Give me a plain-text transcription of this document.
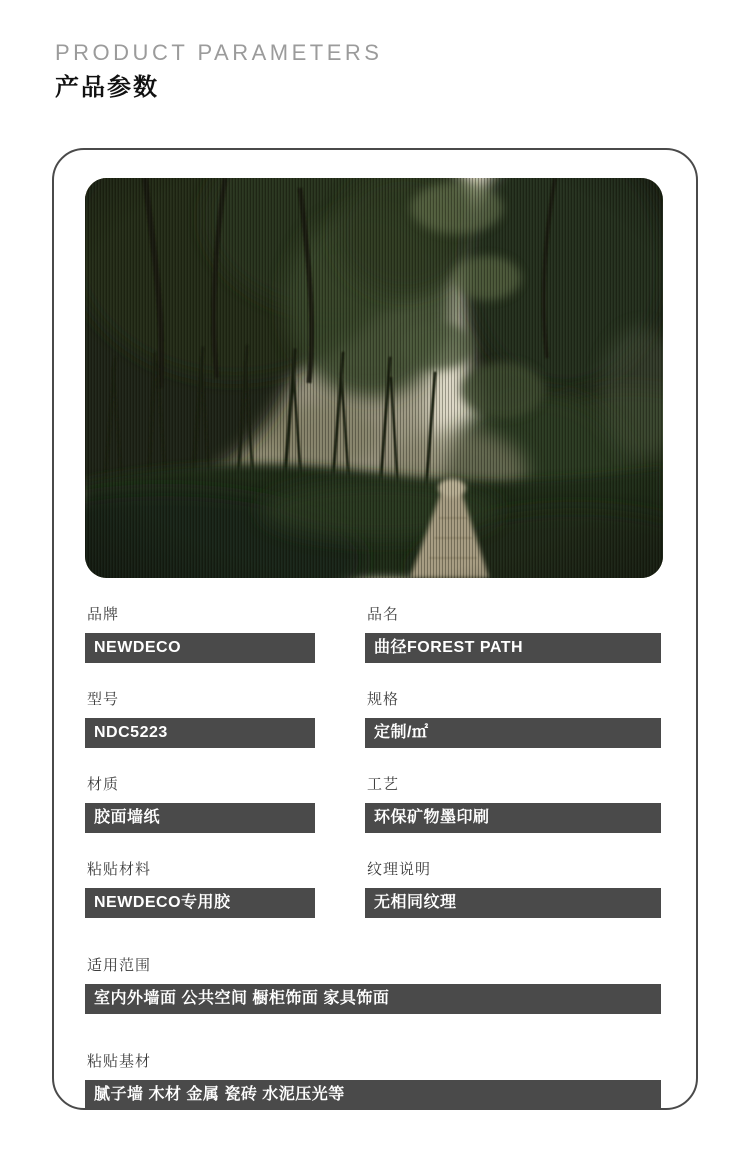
PRODUCT PARAMETERS
产品参数
品牌
NEWDECO
品名
曲径FOREST PATH
型号
NDC5223
规格
定制/㎡
材质
胶面墙纸
工艺
环保矿物墨印刷
粘贴材料
NEWDECO专用胶
纹理说明
无相同纹理
适用范围
室内外墙面 公共空间 橱柜饰面 家具饰面
粘贴基材
腻子墙 木材 金属 瓷砖 水泥压光等
